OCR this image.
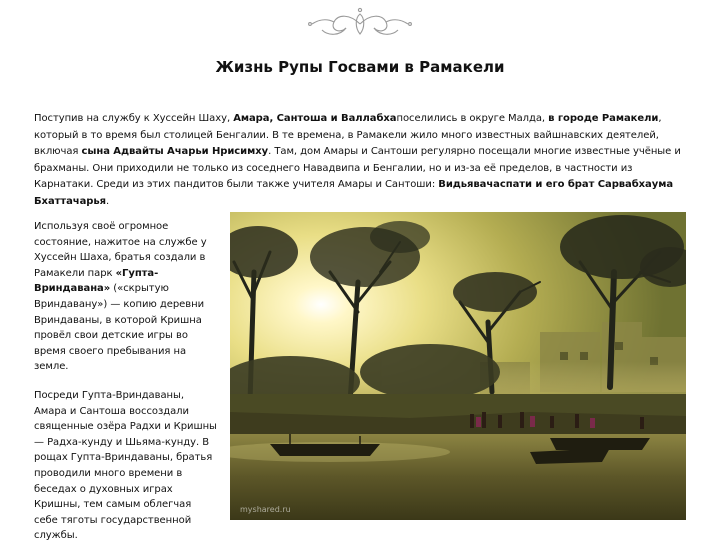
Жизнь Рупы Госвами в Рамакели
Поступив на службу к Хуссейн Шаху, Амара, Сантоша и Валлабхапоселились в округе Малда, в городе Рамакели, который в то время был столицей Бенгалии. В те времена, в Рамакели жило много известных вайшнавских деятелей, включая сына Адвайты Ачарьи Нрисимху. Там, дом Амары и Сантоши регулярно посещали многие известные учёные и брахманы. Они приходили не только из соседнего Навадвипа и Бенгалии, но и из-за её пределов, в частности из Карнатаки. Среди из этих пандитов были также учителя Амары и Сантоши: Видьявачаспати и его брат Сарвабхаума Бхаттачарья.

Используя своё огромное состояние, нажитое на службе у Хуссейн Шаха, братья создали в Рамакели парк «Гупта-Вриндавана» («скрытую Вриндавану») — копию деревни Вриндаваны, в которой Кришна провёл свои детские игры во время своего пребывания на земле.

Посреди Гупта-Вриндаваны, Амара и Сантоша воссоздали священные озёра Радхи и Кришны — Радха-кунду и Шьяма-кунду. В рощах Гупта-Вриндаваны, братья проводили много времени в беседах о духовных играх Кришны, тем самым облегчая себе тяготы государственной службы.

myshared.ru
